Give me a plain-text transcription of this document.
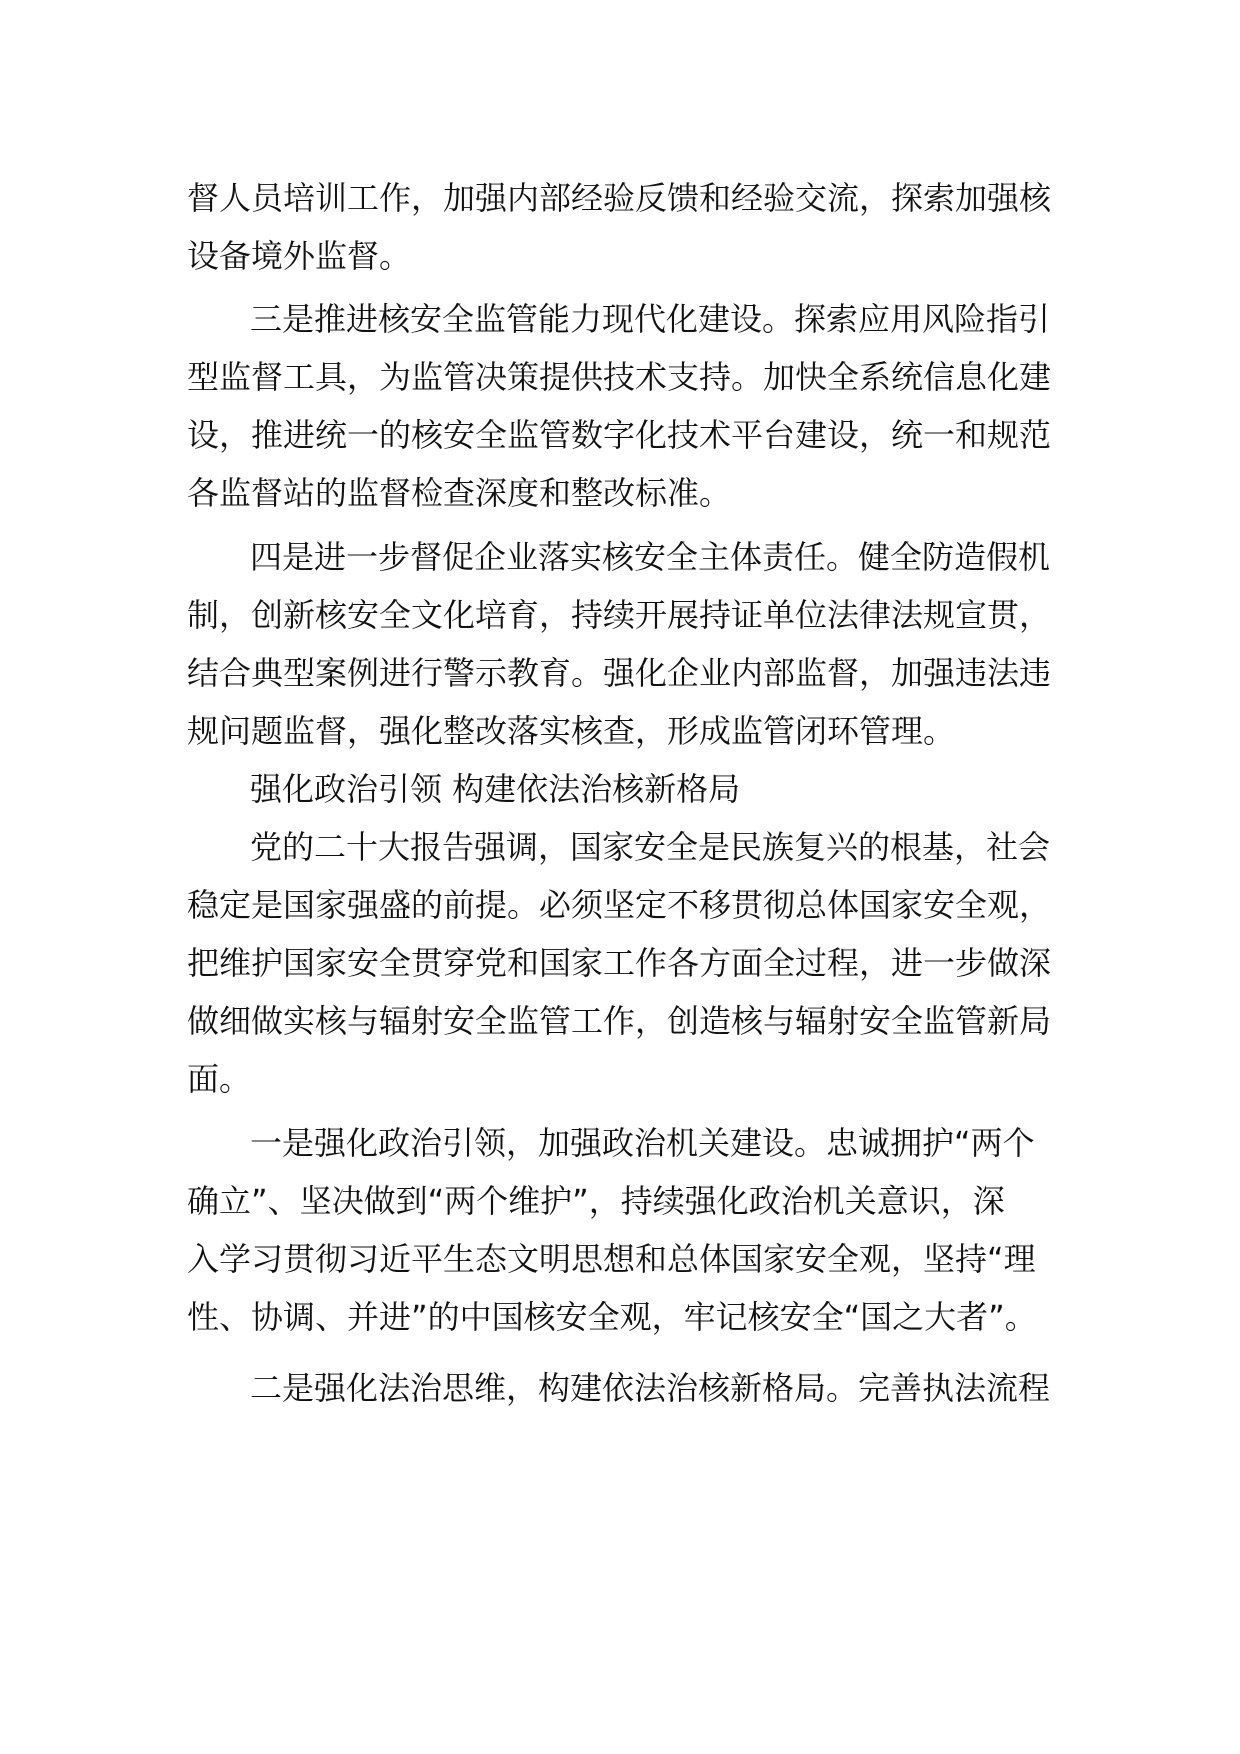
督人员培训工作，加强内部经验反馈和经验交流，探索加强核
设备境外监督。
三是推进核安全监管能力现代化建设。探索应用风险指引
型监督工具，为监管决策提供技术支持。加快全系统信息化建
设，推进统一的核安全监管数字化技术平台建设，统一和规范
各监督站的监督检查深度和整改标准。
四是进一步督促企业落实核安全主体责任。健全防造假机
制，创新核安全文化培育，持续开展持证单位法律法规宣贯，
结合典型案例进行警示教育。强化企业内部监督，加强违法违
规问题监督，强化整改落实核查，形成监管闭环管理。
强化政治引领 构建依法治核新格局
党的二十大报告强调，国家安全是民族复兴的根基，社会
稳定是国家强盛的前提。必须坚定不移贯彻总体国家安全观，
把维护国家安全贯穿党和国家工作各方面全过程，进一步做深
做细做实核与辐射安全监管工作，创造核与辐射安全监管新局
面。
一是强化政治引领，加强政治机关建设。忠诚拥护“两个
确立”、坚决做到“两个维护”，持续强化政治机关意识，深
入学习贯彻习近平生态文明思想和总体国家安全观，坚持“理
性、协调、并进”的中国核安全观，牢记核安全“国之大者”。
二是强化法治思维，构建依法治核新格局。完善执法流程
